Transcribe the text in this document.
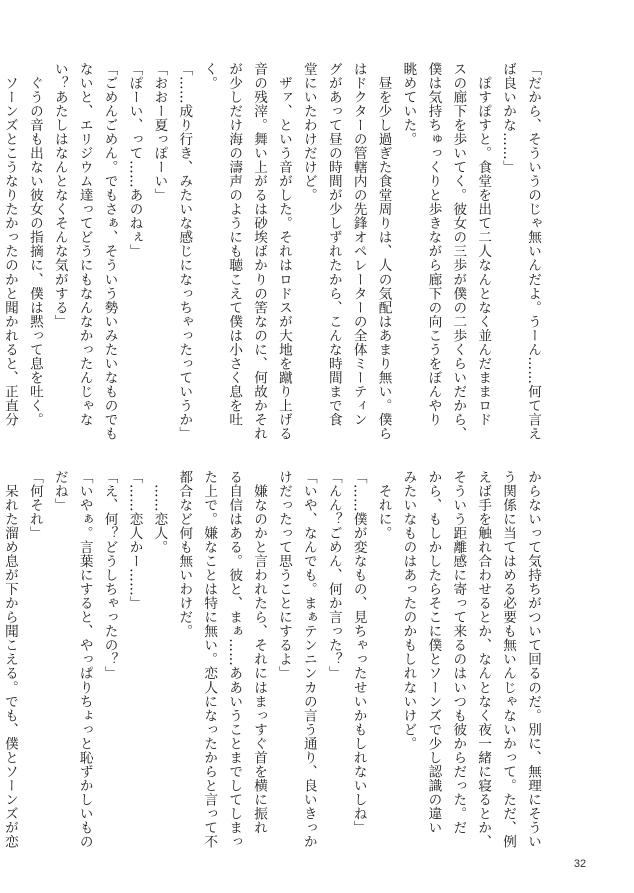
「だから、そういうのじゃ無いんだよ。うーん……何て言え
ば良いかな……」
　ぽすぽすと。食堂を出て二人なんとなく並んだままロド
スの廊下を歩いてく。彼女の三歩が僕の二歩くらいだから、
僕は気持ちゅっくりと歩きながら廊下の向こうをぼんやり
眺めていた。
　昼を少し過ぎた食堂周りは、人の気配はあまり無い。僕ら
はドクターの管轄内の先鋒オペレーターの全体ミーティン
グがあって昼の時間が少しずれたから、こんな時間まで食
堂にいたわけだけど。
　ザァ、という音がした。それはロドスが大地を蹴り上げる
音の残滓。舞い上がるは砂埃ばかりの筈なのに、何故かそれ
が少しだけ海の濤声のようにも聴こえて僕は小さく息を吐
く。
「……成り行き、みたいな感じになっちゃったっていうか」
「おおー夏っぽーい」
「ぽーい、って……あのねぇ」
「ごめんごめん。でもさぁ、そういう勢いみたいなものでも
ないと、エリジウム達ってどうにもなんなかったんじゃな
い？あたしはなんとなくそんな気がする」
　ぐうの音も出ない彼女の指摘に、僕は黙って息を吐く。
　ソーンズとこうなりたかったのかと聞かれると、正直分
からないって気持ちがついて回るのだ。別に、無理にそうい
う関係に当てはめる必要も無いんじゃないかって。ただ、例
えば手を触れ合わせるとか、なんとなく夜一緒に寝るとか、
そういう距離感に寄って来るのはいつも彼からだった。だ
から、もしかしたらそこに僕とソーンズで少し認識の違い
みたいなものはあったのかもしれないけど。
　それに。
「……僕が変なもの、見ちゃったせいかもしれないしね」
「んん？ごめん、何か言った？」
「いや、なんでも。まぁテンニンカの言う通り、良いきっか
けだったって思うことにするよ」
　嫌なのかと言われたら、それにはまっすぐ首を横に振れ
る自信はある。彼と、まぁ……ああいうことまでしてしまっ
た上で。嫌なことは特に無い。恋人になったからと言って不
都合など何も無いわけだ。
　……恋人。
「……恋人かー……」
「え、何？どうしちゃったの？」
「いやぁ。言葉にすると、やっぱりちょっと恥ずかしいもの
だね」
「何それ」
　呆れた溜め息が下から聞こえる。でも、僕とソーンズが恋
32
